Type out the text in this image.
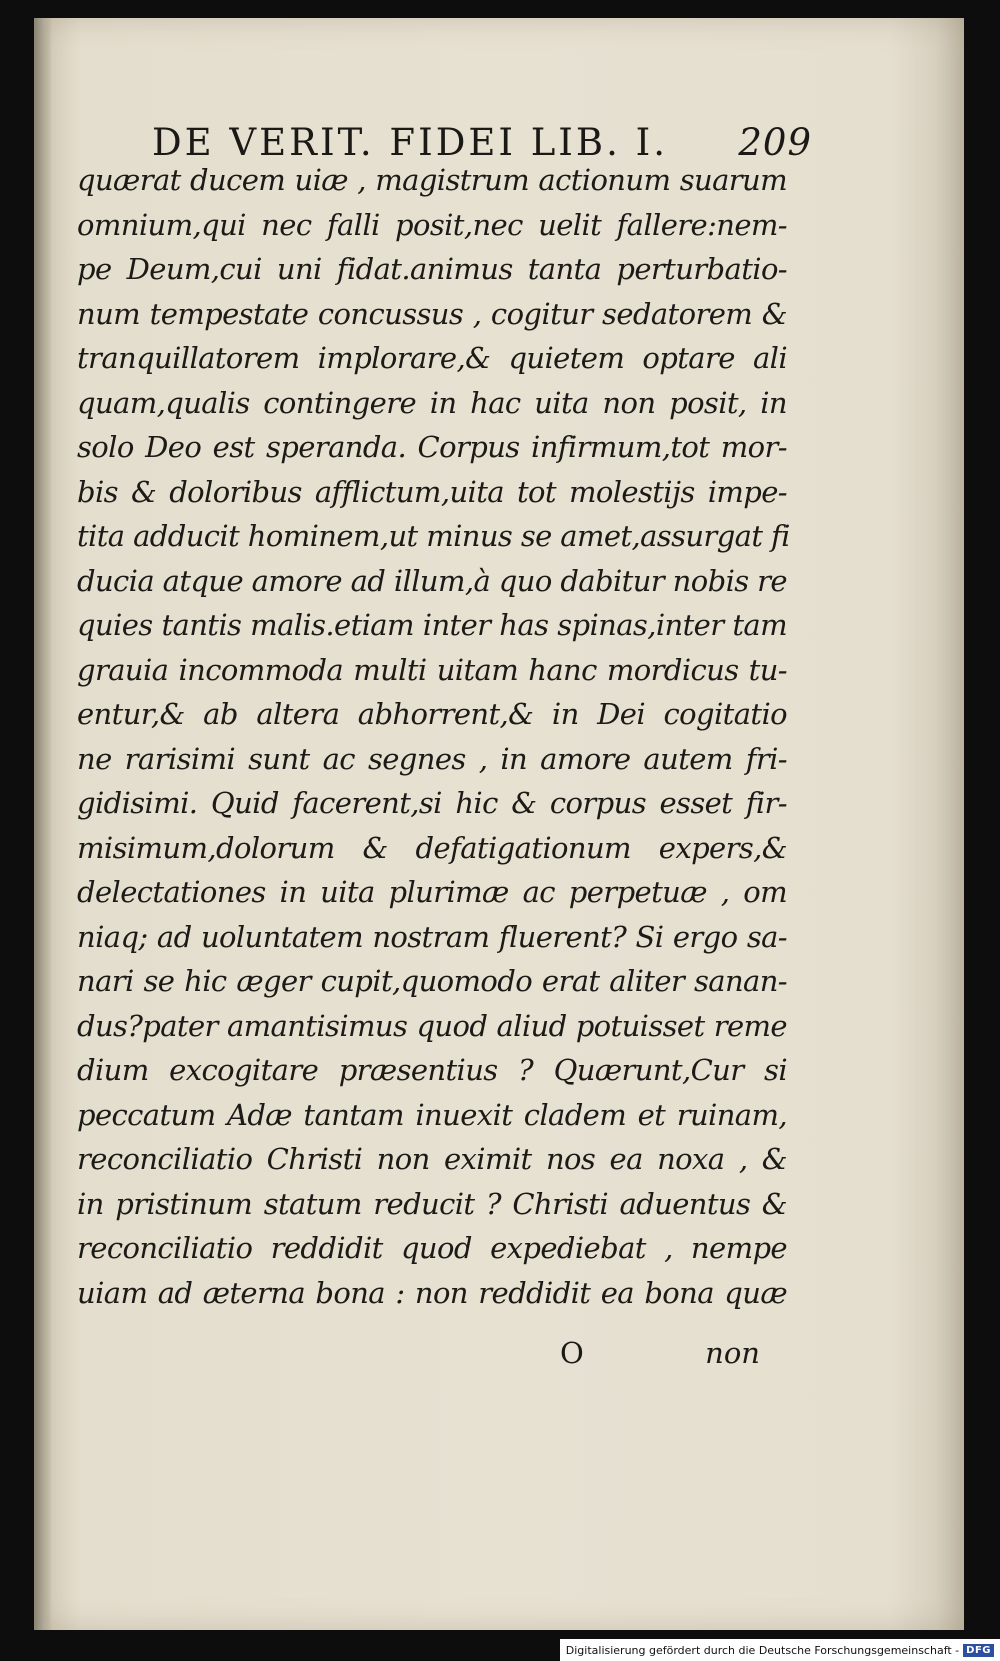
DE VERIT. FIDEI LIB. I. 209
quærat ducem uiæ , magistrum actionum suarum
omnium,qui nec falli posit,nec uelit fallere:nem-
pe Deum,cui uni fidat.animus tanta perturbatio-
num tempestate concussus , cogitur sedatorem &
tranquillatorem implorare,& quietem optare ali
quam,qualis contingere in hac uita non posit, in
solo Deo est speranda. Corpus infirmum,tot mor-
bis & doloribus afflictum,uita tot molestijs impe-
tita adducit hominem,ut minus se amet,assurgat fi
ducia atque amore ad illum,à quo dabitur nobis re
quies tantis malis.etiam inter has spinas,inter tam
grauia incommoda multi uitam hanc mordicus tu-
entur,& ab altera abhorrent,& in Dei cogitatio
ne rarisimi sunt ac segnes , in amore autem fri-
gidisimi. Quid facerent,si hic & corpus esset fir-
misimum,dolorum & defatigationum expers,&
delectationes in uita plurimæ ac perpetuæ , om
niaq; ad uoluntatem nostram fluerent? Si ergo sa-
nari se hic æger cupit,quomodo erat aliter sanan-
dus?pater amantisimus quod aliud potuisset reme
dium excogitare præsentius ? Quærunt,Cur si
peccatum Adæ tantam inuexit cladem et ruinam,
reconciliatio Christi non eximit nos ea noxa , &
in pristinum statum reducit ? Christi aduentus &
reconciliatio reddidit quod expediebat , nempe
uiam ad æterna bona : non reddidit ea bona quæ
O	non
Digitalisierung gefördert durch die Deutsche Forschungsgemeinschaft - DFG
